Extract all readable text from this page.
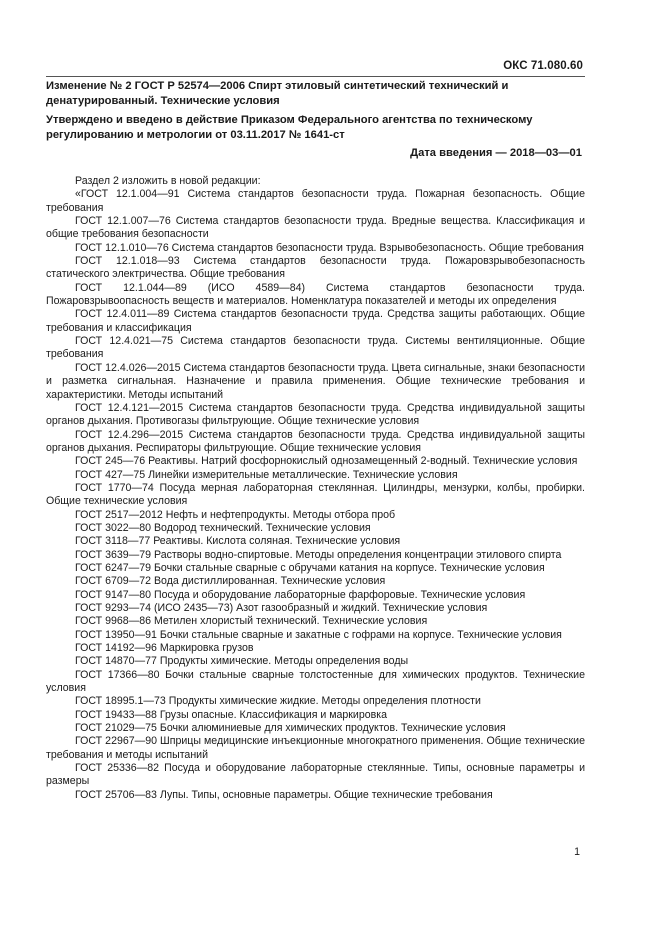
ОКС 71.080.60
Изменение № 2 ГОСТ Р 52574—2006 Спирт этиловый синтетический технический и денатурированный. Технические условия
Утверждено и введено в действие Приказом Федерального агентства по техническому регулированию и метрологии от 03.11.2017 № 1641-ст
Дата введения — 2018—03—01

Раздел 2 изложить в новой редакции:

«ГОСТ 12.1.004—91 Система стандартов безопасности труда. Пожарная безопасность. Общие требования

ГОСТ 12.1.007—76 Система стандартов безопасности труда. Вредные вещества. Классификация и общие требования безопасности

ГОСТ 12.1.010—76 Система стандартов безопасности труда. Взрывобезопасность. Общие требования

ГОСТ 12.1.018—93 Система стандартов безопасности труда. Пожаровзрывобезопасность статического электричества. Общие требования

ГОСТ 12.1.044—89 (ИСО 4589—84) Система стандартов безопасности труда. Пожаровзрывоопасность веществ и материалов. Номенклатура показателей и методы их определения

ГОСТ 12.4.011—89 Система стандартов безопасности труда. Средства защиты работающих. Общие требования и классификация

ГОСТ 12.4.021—75 Система стандартов безопасности труда. Системы вентиляционные. Общие требования

ГОСТ 12.4.026—2015 Система стандартов безопасности труда. Цвета сигнальные, знаки безопасности и разметка сигнальная. Назначение и правила применения. Общие технические требования и характеристики. Методы испытаний

ГОСТ 12.4.121—2015 Система стандартов безопасности труда. Средства индивидуальной защиты органов дыхания. Противогазы фильтрующие. Общие технические условия

ГОСТ 12.4.296—2015 Система стандартов безопасности труда. Средства индивидуальной защиты органов дыхания. Респираторы фильтрующие. Общие технические условия

ГОСТ 245—76 Реактивы. Натрий фосфорнокислый однозамещенный 2-водный. Технические условия

ГОСТ 427—75 Линейки измерительные металлические. Технические условия

ГОСТ 1770—74 Посуда мерная лабораторная стеклянная. Цилиндры, мензурки, колбы, пробирки. Общие технические условия

ГОСТ 2517—2012 Нефть и нефтепродукты. Методы отбора проб

ГОСТ 3022—80 Водород технический. Технические условия

ГОСТ 3118—77 Реактивы. Кислота соляная. Технические условия

ГОСТ 3639—79 Растворы водно-спиртовые. Методы определения концентрации этилового спирта

ГОСТ 6247—79 Бочки стальные сварные с обручами катания на корпусе. Технические условия

ГОСТ 6709—72 Вода дистиллированная. Технические условия

ГОСТ 9147—80 Посуда и оборудование лабораторные фарфоровые. Технические условия

ГОСТ 9293—74 (ИСО 2435—73) Азот газообразный и жидкий. Технические условия

ГОСТ 9968—86 Метилен хлористый технический. Технические условия

ГОСТ 13950—91 Бочки стальные сварные и закатные с гофрами на корпусе. Технические условия

ГОСТ 14192—96 Маркировка грузов

ГОСТ 14870—77 Продукты химические. Методы определения воды

ГОСТ 17366—80 Бочки стальные сварные толстостенные для химических продуктов. Технические условия

ГОСТ 18995.1—73 Продукты химические жидкие. Методы определения плотности

ГОСТ 19433—88 Грузы опасные. Классификация и маркировка

ГОСТ 21029—75 Бочки алюминиевые для химических продуктов. Технические условия

ГОСТ 22967—90 Шприцы медицинские инъекционные многократного применения. Общие технические требования и методы испытаний

ГОСТ 25336—82 Посуда и оборудование лабораторные стеклянные. Типы, основные параметры и размеры

ГОСТ 25706—83 Лупы. Типы, основные параметры. Общие технические требования

1
